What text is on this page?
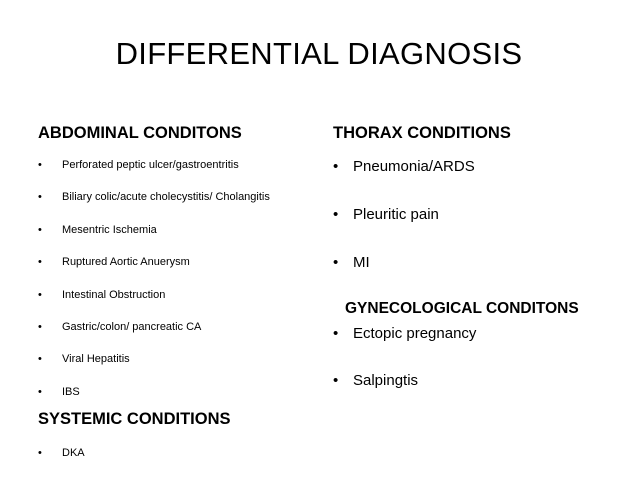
DIFFERENTIAL DIAGNOSIS
ABDOMINAL CONDITONS
• Perforated peptic ulcer/gastroentritis
• Biliary colic/acute cholecystitis/ Cholangitis
• Mesentric Ischemia
• Ruptured Aortic Anuerysm
• Intestinal Obstruction
• Gastric/colon/ pancreatic CA
• Viral Hepatitis
• IBS
SYSTEMIC CONDITIONS
• DKA
THORAX CONDITIONS
• Pneumonia/ARDS
• Pleuritic pain
• MI
GYNECOLOGICAL CONDITONS
• Ectopic pregnancy
• Salpingtis
